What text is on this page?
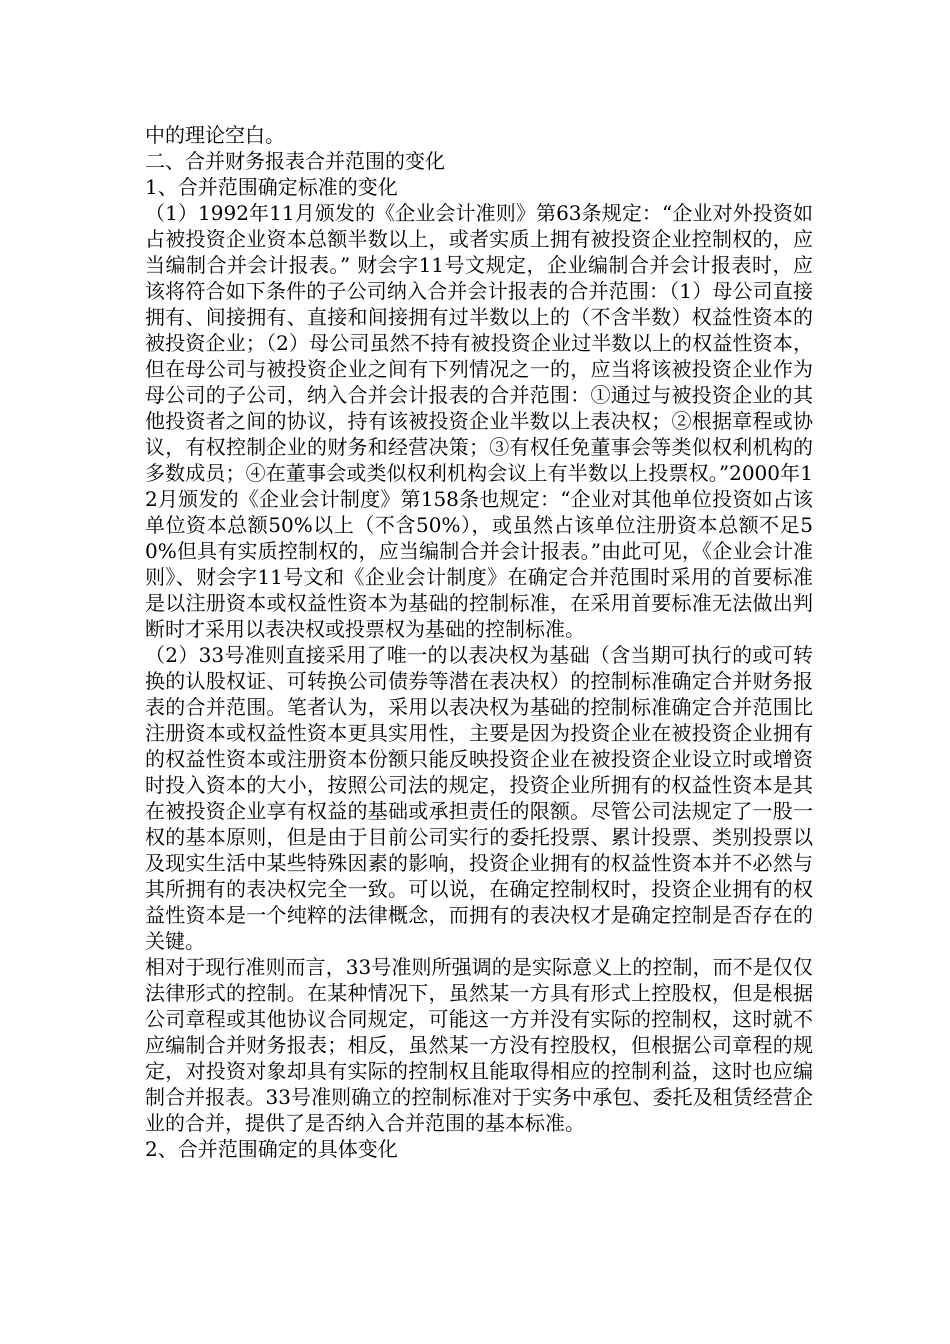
中的理论空白。

二、合并财务报表合并范围的变化

1、合并范围确定标准的变化

（1）1992年11月颁发的《企业会计准则》第63条规定：“企业对外投资如占被投资企业资本总额半数以上，或者实质上拥有被投资企业控制权的，应当编制合并会计报表。” 财会字11号文规定，企业编制合并会计报表时，应该将符合如下条件的子公司纳入合并会计报表的合并范围：（1）母公司直接拥有、间接拥有、直接和间接拥有过半数以上的（不含半数）权益性资本的被投资企业；（2）母公司虽然不持有被投资企业过半数以上的权益性资本，但在母公司与被投资企业之间有下列情况之一的，应当将该被投资企业作为母公司的子公司，纳入合并会计报表的合并范围：①通过与被投资企业的其他投资者之间的协议，持有该被投资企业半数以上表决权；②根据章程或协议，有权控制企业的财务和经营决策；③有权任免董事会等类似权利机构的多数成员；④在董事会或类似权利机构会议上有半数以上投票权。”2000年12月颁发的《企业会计制度》第158条也规定：“企业对其他单位投资如占该单位资本总额50%以上（不含50%），或虽然占该单位注册资本总额不足50%但具有实质控制权的，应当编制合并会计报表。”由此可见，《企业会计准则》、财会字11号文和《企业会计制度》在确定合并范围时采用的首要标准是以注册资本或权益性资本为基础的控制标准，在采用首要标准无法做出判断时才采用以表决权或投票权为基础的控制标准。

（2）33号准则直接采用了唯一的以表决权为基础（含当期可执行的或可转换的认股权证、可转换公司债券等潜在表决权）的控制标准确定合并财务报表的合并范围。笔者认为，采用以表决权为基础的控制标准确定合并范围比注册资本或权益性资本更具实用性，主要是因为投资企业在被投资企业拥有的权益性资本或注册资本份额只能反映投资企业在被投资企业设立时或增资时投入资本的大小，按照公司法的规定，投资企业所拥有的权益性资本是其在被投资企业享有权益的基础或承担责任的限额。尽管公司法规定了一股一权的基本原则，但是由于目前公司实行的委托投票、累计投票、类别投票以及现实生活中某些特殊因素的影响，投资企业拥有的权益性资本并不必然与其所拥有的表决权完全一致。可以说，在确定控制权时，投资企业拥有的权益性资本是一个纯粹的法律概念，而拥有的表决权才是确定控制是否存在的关键。

相对于现行准则而言，33号准则所强调的是实际意义上的控制，而不是仅仅法律形式的控制。在某种情况下，虽然某一方具有形式上控股权，但是根据公司章程或其他协议合同规定，可能这一方并没有实际的控制权，这时就不应编制合并财务报表；相反，虽然某一方没有控股权，但根据公司章程的规定，对投资对象却具有实际的控制权且能取得相应的控制利益，这时也应编制合并报表。33号准则确立的控制标准对于实务中承包、委托及租赁经营企业的合并，提供了是否纳入合并范围的基本标准。

2、合并范围确定的具体变化
